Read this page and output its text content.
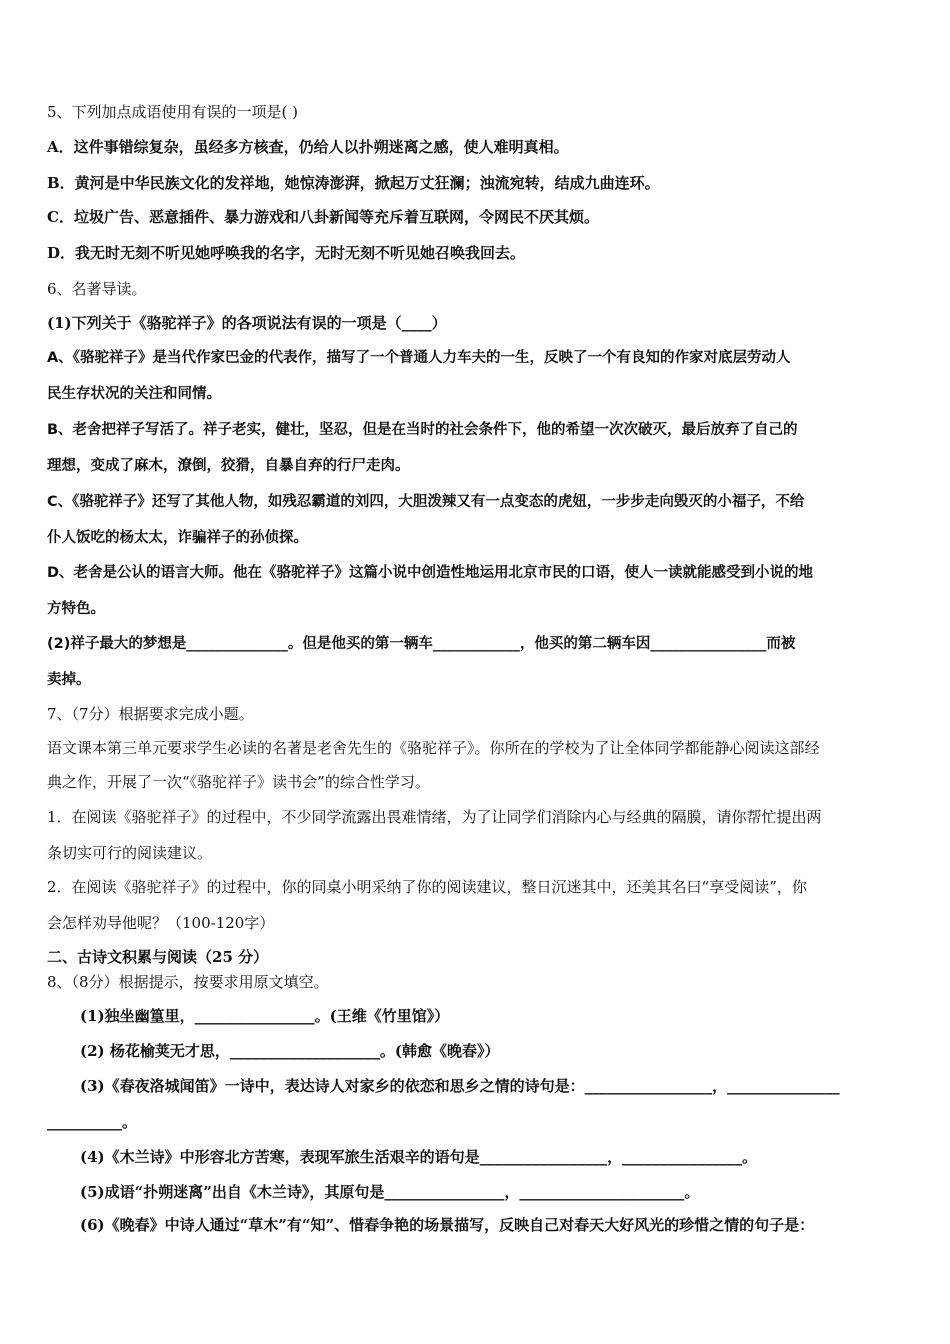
5、下列加点成语使用有误的一项是( )
A．这件事错综复杂，虽经多方核查，仍给人以扑朔迷离之感，使人难明真相。
B．黄河是中华民族文化的发祥地，她惊涛澎湃，掀起万丈狂澜；浊流宛转，结成九曲连环。
C．垃圾广告、恶意插件、暴力游戏和八卦新闻等充斥着互联网，令网民不厌其烦。
D．我无时无刻不听见她呼唤我的名字，无时无刻不听见她召唤我回去。
6、名著导读。
(1)下列关于《骆驼祥子》的各项说法有误的一项是（____）
A、《骆驼祥子》是当代作家巴金的代表作，描写了一个普通人力车夫的一生，反映了一个有良知的作家对底层劳动人
民生存状况的关注和同情。
B、老舍把祥子写活了。祥子老实，健壮，坚忍，但是在当时的社会条件下，他的希望一次次破灭，最后放弃了自己的
理想，变成了麻木，潦倒，狡猾，自暴自弃的行尸走肉。
C、《骆驼祥子》还写了其他人物，如残忍霸道的刘四，大胆泼辣又有一点变态的虎妞，一步步走向毁灭的小福子，不给
仆人饭吃的杨太太，诈骗祥子的孙侦探。
D、老舍是公认的语言大师。他在《骆驼祥子》这篇小说中创造性地运用北京市民的口语，使人一读就能感受到小说的地
方特色。
(2)祥子最大的梦想是______________。但是他买的第一辆车____________，他买的第二辆车因________________而被
卖掉。
7、（7分）根据要求完成小题。
语文课本第三单元要求学生必读的名著是老舍先生的《骆驼祥子》。你所在的学校为了让全体同学都能静心阅读这部经
典之作，开展了一次“《骆驼祥子》读书会”的综合性学习。
1．在阅读《骆驼祥子》的过程中，不少同学流露出畏难情绪，为了让同学们消除内心与经典的隔膜，请你帮忙提出两
条切实可行的阅读建议。
2．在阅读《骆驼祥子》的过程中，你的同桌小明采纳了你的阅读建议，整日沉迷其中，还美其名曰“享受阅读”，你
会怎样劝导他呢？（100-120字）
二、古诗文积累与阅读（25 分）
8、（8分）根据提示，按要求用原文填空。
(1)独坐幽篁里，________________。(王维《竹里馆》）
(2) 杨花榆荚无才思，____________________。(韩愈《晚春》）
(3)《春夜洛城闻笛》一诗中，表达诗人对家乡的依恋和思乡之情的诗句是：_________________，_______________
__________。
(4)《木兰诗》中形容北方苦寒，表现军旅生活艰辛的语句是_________________，________________。
(5)成语“扑朔迷离”出自《木兰诗》，其原句是________________，______________________。
(6)《晚春》中诗人通过“草木”有“知”、惜春争艳的场景描写，反映自己对春天大好风光的珍惜之情的句子是：
